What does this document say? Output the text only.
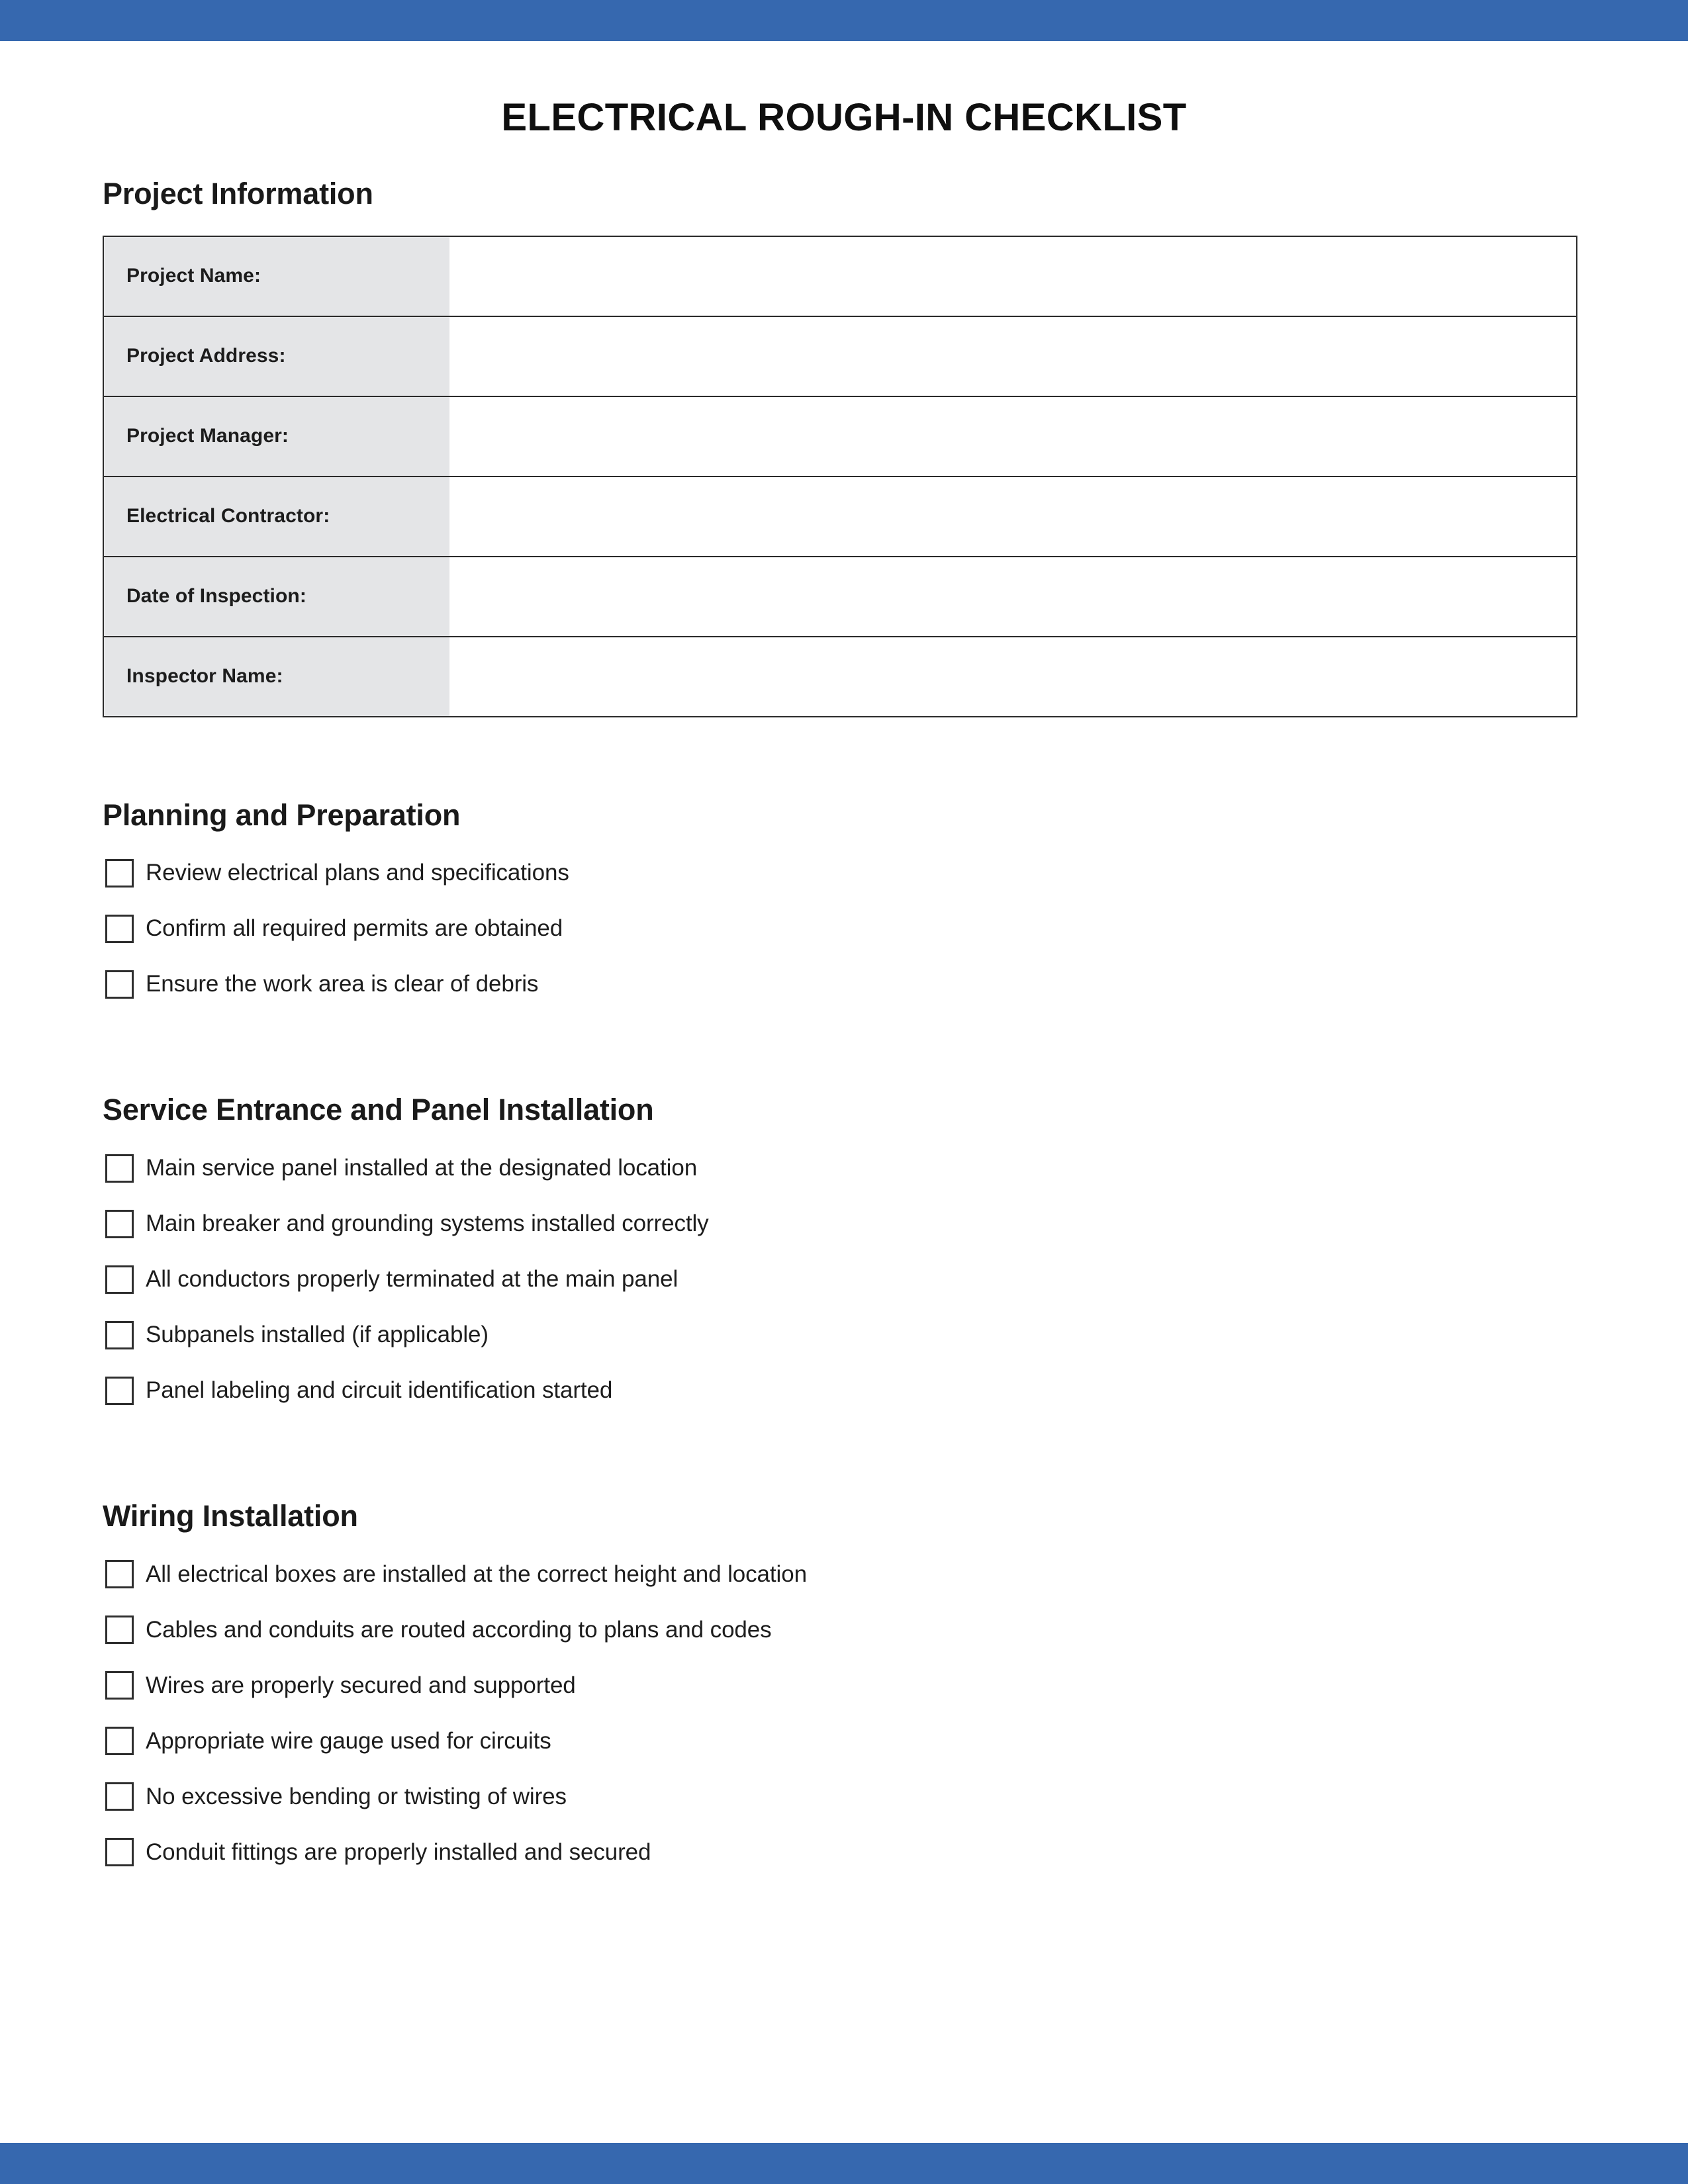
ELECTRICAL ROUGH-IN CHECKLIST
Project Information
Project Name:	

Project Address:	

Project Manager:	

Electrical Contractor:	

Date of Inspection:	

Inspector Name:	
Planning and Preparation
Review electrical plans and specifications
Confirm all required permits are obtained
Ensure the work area is clear of debris
Service Entrance and Panel Installation
Main service panel installed at the designated location
Main breaker and grounding systems installed correctly
All conductors properly terminated at the main panel
Subpanels installed (if applicable)
Panel labeling and circuit identification started
Wiring Installation
All electrical boxes are installed at the correct height and location
Cables and conduits are routed according to plans and codes
Wires are properly secured and supported
Appropriate wire gauge used for circuits
No excessive bending or twisting of wires
Conduit fittings are properly installed and secured
